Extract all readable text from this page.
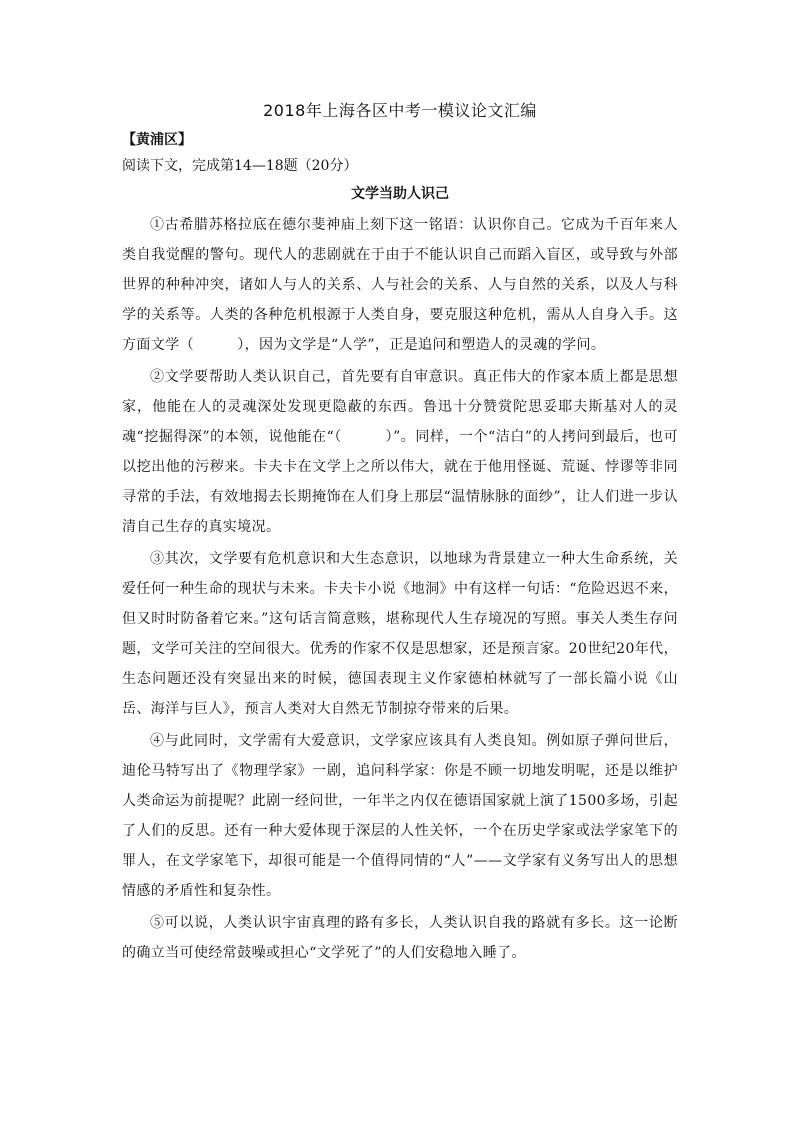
2018年上海各区中考一模议论文汇编
【黄浦区】
阅读下文，完成第14—18题（20分）
文学当助人识己

①古希腊苏格拉底在德尔斐神庙上刻下这一铭语：认识你自己。它成为千百年来人类自我觉醒的警句。现代人的悲剧就在于由于不能认识自己而蹈入盲区，或导致与外部世界的种种冲突，诸如人与人的关系、人与社会的关系、人与自然的关系，以及人与科学的关系等。人类的各种危机根源于人类自身，要克服这种危机，需从人自身入手。这方面文学（　　　），因为文学是“人学”，正是追问和塑造人的灵魂的学问。

②文学要帮助人类认识自己，首先要有自审意识。真正伟大的作家本质上都是思想家，他能在人的灵魂深处发现更隐蔽的东西。鲁迅十分赞赏陀思妥耶夫斯基对人的灵魂“挖掘得深”的本领，说他能在“（　　　）”。同样，一个“洁白”的人拷问到最后，也可以挖出他的污秽来。卡夫卡在文学上之所以伟大，就在于他用怪诞、荒诞、悖谬等非同寻常的手法，有效地揭去长期掩饰在人们身上那层“温情脉脉的面纱”，让人们进一步认清自己生存的真实境况。

③其次，文学要有危机意识和大生态意识，以地球为背景建立一种大生命系统，关爱任何一种生命的现状与未来。卡夫卡小说《地洞》中有这样一句话：“危险迟迟不来，但又时时防备着它来。”这句话言简意赅，堪称现代人生存境况的写照。事关人类生存问题，文学可关注的空间很大。优秀的作家不仅是思想家，还是预言家。20世纪20年代，生态问题还没有突显出来的时候，德国表现主义作家德柏林就写了一部长篇小说《山岳、海洋与巨人》，预言人类对大自然无节制掠夺带来的后果。

④与此同时，文学需有大爱意识，文学家应该具有人类良知。例如原子弹问世后，迪伦马特写出了《物理学家》一剧，追问科学家：你是不顾一切地发明呢，还是以维护人类命运为前提呢？此剧一经问世，一年半之内仅在德语国家就上演了1500多场，引起了人们的反思。还有一种大爱体现于深层的人性关怀，一个在历史学家或法学家笔下的罪人，在文学家笔下，却很可能是一个值得同情的“人”——文学家有义务写出人的思想情感的矛盾性和复杂性。

⑤可以说，人类认识宇宙真理的路有多长，人类认识自我的路就有多长。这一论断的确立当可使经常鼓噪或担心“文学死了”的人们安稳地入睡了。
